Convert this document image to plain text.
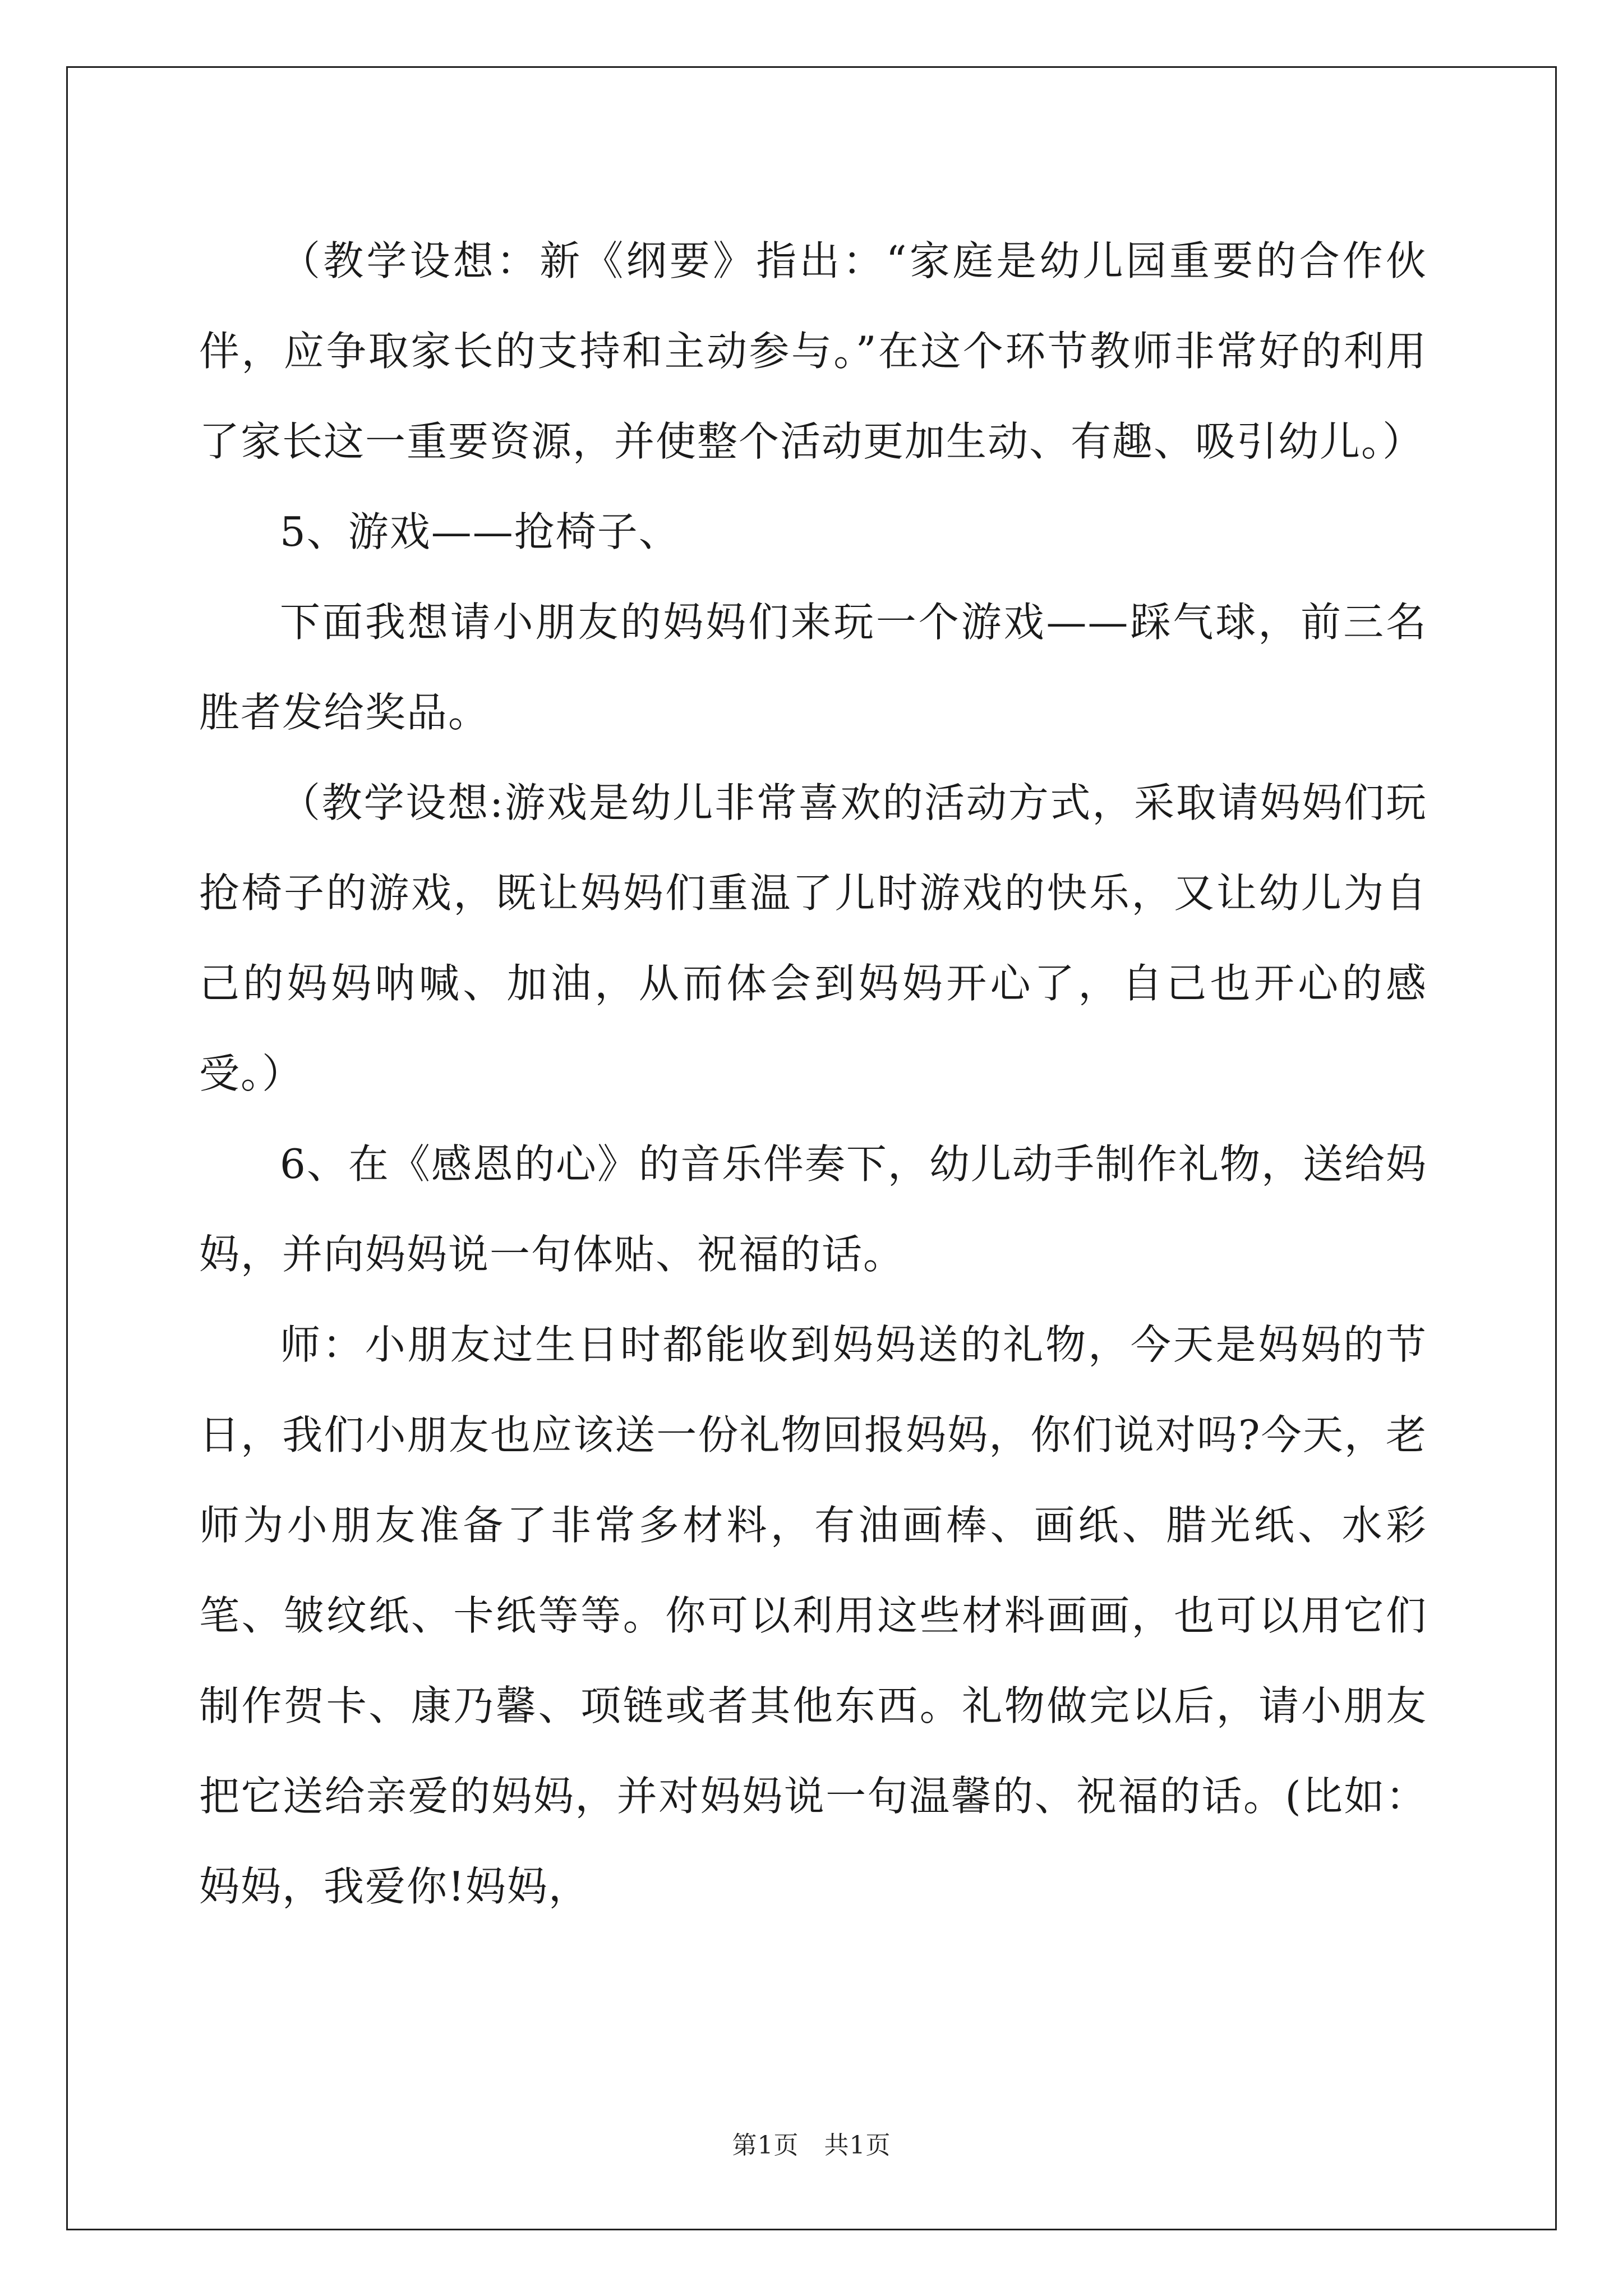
（教学设想：新《纲要》指出：“家庭是幼儿园重要的合作伙伴，应争取家长的支持和主动参与。”在这个环节教师非常好的利用了家长这一重要资源，并使整个活动更加生动、有趣、吸引幼儿。）

5、游戏——抢椅子、

下面我想请小朋友的妈妈们来玩一个游戏——踩气球，前三名胜者发给奖品。

（教学设想:游戏是幼儿非常喜欢的活动方式，采取请妈妈们玩抢椅子的游戏，既让妈妈们重温了儿时游戏的快乐，又让幼儿为自己的妈妈呐喊、加油，从而体会到妈妈开心了，自己也开心的感受。）

6、在《感恩的心》的音乐伴奏下，幼儿动手制作礼物，送给妈妈，并向妈妈说一句体贴、祝福的话。

师：小朋友过生日时都能收到妈妈送的礼物，今天是妈妈的节日，我们小朋友也应该送一份礼物回报妈妈，你们说对吗?今天，老师为小朋友准备了非常多材料，有油画棒、画纸、腊光纸、水彩笔、皱纹纸、卡纸等等。你可以利用这些材料画画，也可以用它们制作贺卡、康乃馨、项链或者其他东西。礼物做完以后，请小朋友把它送给亲爱的妈妈，并对妈妈说一句温馨的、祝福的话。(比如：妈妈，我爱你!妈妈，

第1页   共1页
